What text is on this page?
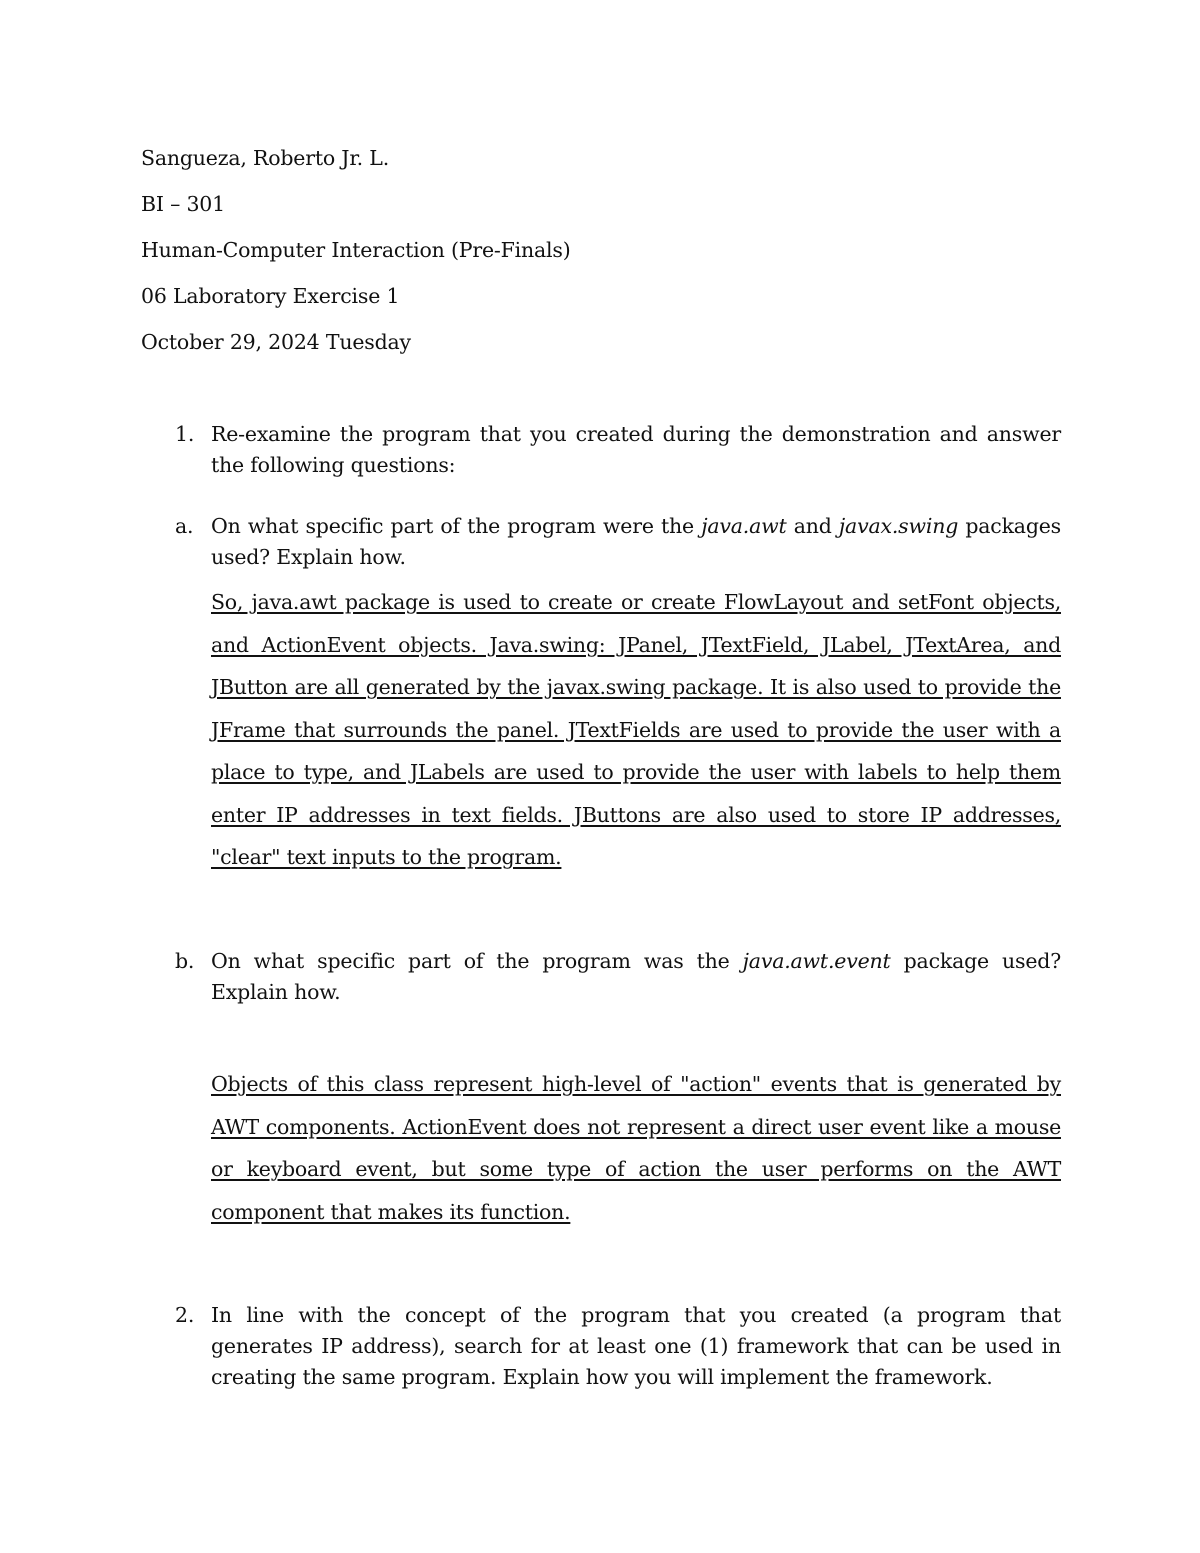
Sangueza, Roberto Jr. L.
BI – 301
Human-Computer Interaction (Pre-Finals)
06 Laboratory Exercise 1
October 29, 2024 Tuesday
1. Re-examine the program that you created during the demonstration and answer the following questions:
a. On what specific part of the program were the java.awt and javax.swing packages used? Explain how.
So, java.awt package is used to create or create FlowLayout and setFont objects, and ActionEvent objects. Java.swing: JPanel, JTextField, JLabel, JTextArea, and JButton are all generated by the javax.swing package. It is also used to provide the JFrame that surrounds the panel. JTextFields are used to provide the user with a place to type, and JLabels are used to provide the user with labels to help them enter IP addresses in text fields. JButtons are also used to store IP addresses, "clear" text inputs to the program.
b. On what specific part of the program was the java.awt.event package used? Explain how.
Objects of this class represent high-level of "action" events that is generated by AWT components. ActionEvent does not represent a direct user event like a mouse or keyboard event, but some type of action the user performs on the AWT component that makes its function.
2. In line with the concept of the program that you created (a program that generates IP address), search for at least one (1) framework that can be used in creating the same program. Explain how you will implement the framework.
